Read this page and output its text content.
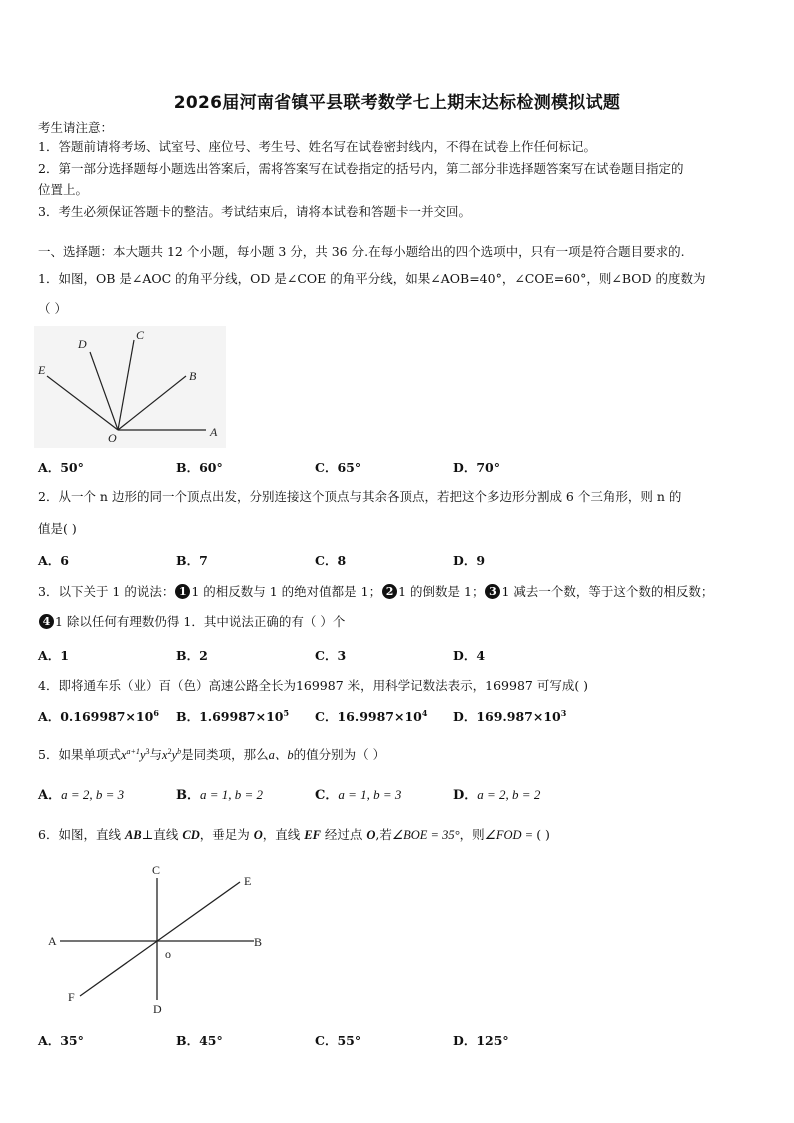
2026届河南省镇平县联考数学七上期末达标检测模拟试题
考生请注意：
1．答题前请将考场、试室号、座位号、考生号、姓名写在试卷密封线内，不得在试卷上作任何标记。
2．第一部分选择题每小题选出答案后，需将答案写在试卷指定的括号内，第二部分非选择题答案写在试卷题目指定的
位置上。
3．考生必须保证答题卡的整洁。考试结束后，请将本试卷和答题卡一并交回。
一、选择题：本大题共 12 个小题，每小题 3 分，共 36 分.在每小题给出的四个选项中，只有一项是符合题目要求的.
1．如图，OB 是∠AOC 的角平分线，OD 是∠COE 的角平分线，如果∠AOB=40°，∠COE=60°，则∠BOD 的度数为
（ ）
E
D
C
B
O	A
A．50°	B．60°	C．65°	D．70°
2．从一个 n 边形的同一个顶点出发，分别连接这个顶点与其余各顶点，若把这个多边形分割成 6 个三角形，则 n 的
值是( )
A．6	B．7	C．8	D．9
3．以下关于 1 的说法： 1 1 的相反数与 1 的绝对值都是 1； 2 1 的倒数是 1； 3 1 减去一个数，等于这个数的相反数；
4 1 除以任何有理数仍得 1．其中说法正确的有（ ）个
A．1	B．2	C．3	D．4
4．即将通车乐（业）百（色）高速公路全长为169987 米，用科学记数法表示，169987 可写成( )
A．$0.169987\times 10^6$ B．$1.69987\times 10^5$ C．$16.9987\times 10^4$ D．$169.987\times 10^3$
5．如果单项式$x^{a+1}y^3$与$x^2y^b$是同类项，那么a、b的值分别为（ ）
A．a = 2, b = 3	B．a = 1, b = 2	C．a = 1, b = 3	D．a = 2, b = 2
6．如图，直线 AB⊥直线 CD，垂足为 O，直线 EF 经过点 O,若∠BOE = 35°，则∠FOD = ( )
C
E
A	B
o
F
D
A．35°	B．45°	C．55°	D．125°
